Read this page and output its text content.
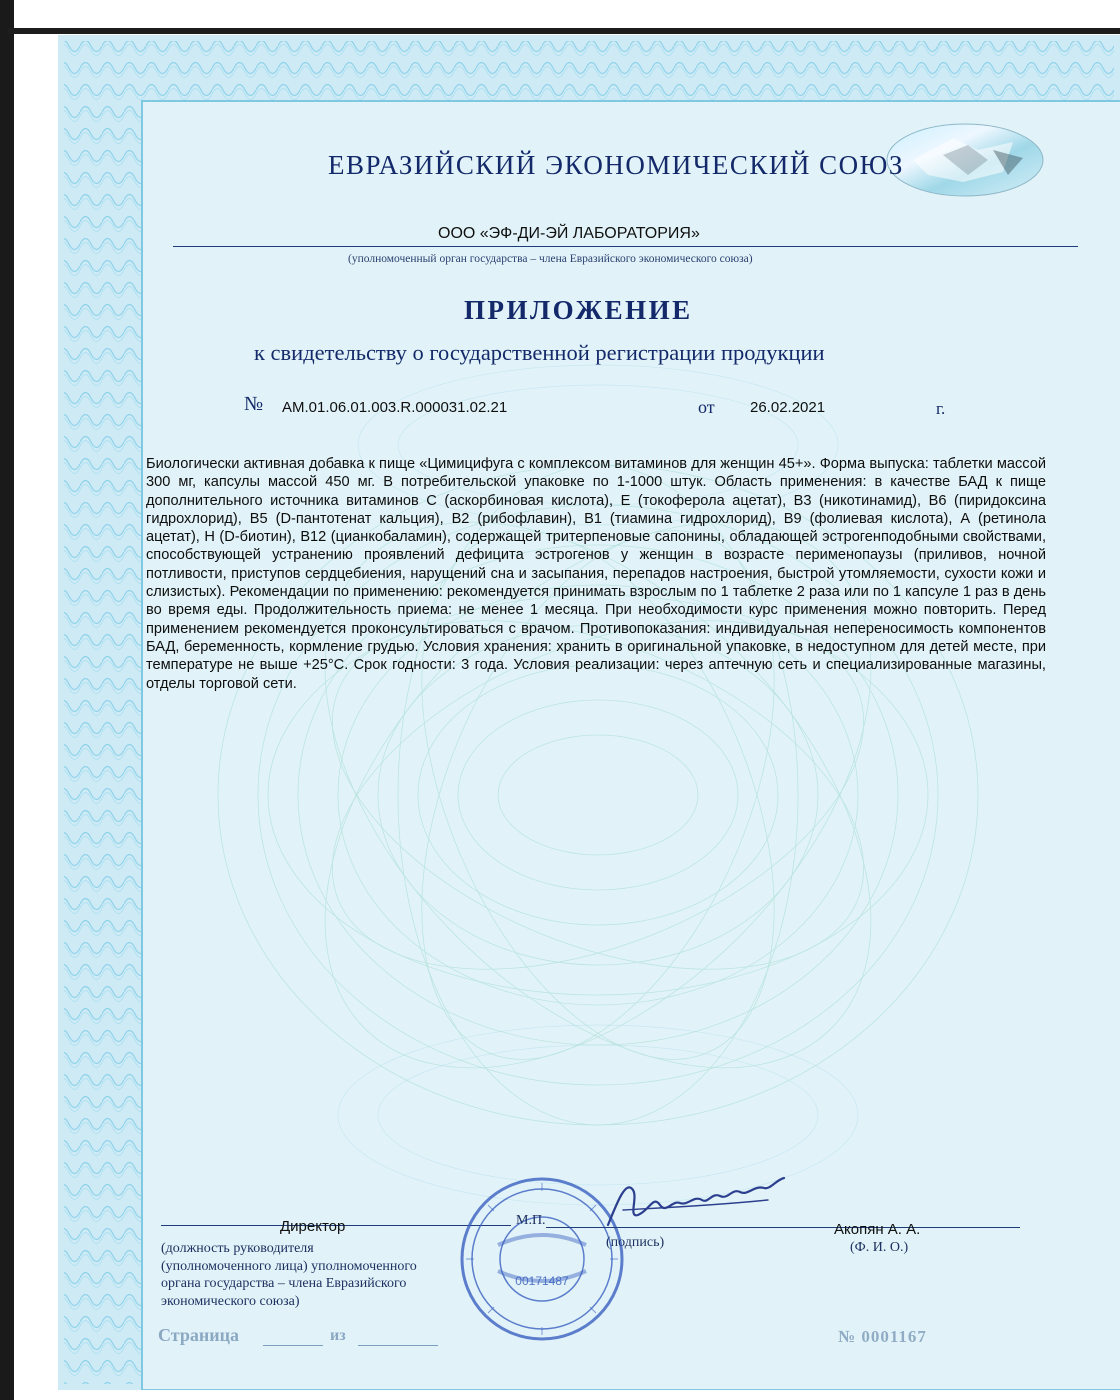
ЕВРАЗИЙСКИЙ ЭКОНОМИЧЕСКИЙ СОЮЗ
ООО «ЭФ-ДИ-ЭЙ ЛАБОРАТОРИЯ»
(уполномоченный орган государства – члена Евразийского экономического союза)
ПРИЛОЖЕНИЕ
к свидетельству о государственной регистрации продукции
№ AM.01.06.01.003.R.000031.02.21	от 26.02.2021	г.
Биологически активная добавка к пище «Цимицифуга с комплексом витаминов для женщин 45+». Форма выпуска: таблетки массой 300 мг, капсулы массой 450 мг. В потребительской упаковке по 1-1000 штук. Область применения: в качестве БАД к пище дополнительного источника витаминов С (аскорбиновая кислота), Е (токоферола ацетат), В3 (никотинамид), В6 (пиридоксина гидрохлорид), В5 (D-пантотенат кальция), В2 (рибофлавин), В1 (тиамина гидрохлорид), В9 (фолиевая кислота), А (ретинола ацетат), Н (D-биотин), В12 (цианкобаламин), содержащей тритерпеновые сапонины, обладающей эстрогенподобными свойствами, способствующей устранению проявлений дефицита эстрогенов у женщин в возрасте перименопаузы (приливов, ночной потливости, приступов сердцебиения, нарущений сна и засыпания, перепадов настроения, быстрой утомляемости, сухости кожи и слизистых). Рекомендации по применению: рекомендуется принимать взрослым по 1 таблетке 2 раза или по 1 капсуле 1 раз в день во время еды. Продолжительность приема: не менее 1 месяца. При необходимости курс применения можно повторить. Перед применением рекомендуется проконсультироваться с врачом. Противопоказания: индивидуальная непереносимость компонентов БАД, беременность, кормление грудью. Условия хранения: хранить в оригинальной упаковке, в недоступном для детей месте, при температуре не выше +25°С. Срок годности: 3 года. Условия реализации: через аптечную сеть и специализированные магазины, отделы торговой сети.
Директор
(должность руководителя
(уполномоченного лица) уполномоченного
органа государства – члена Евразийского
экономического союза)
00171487
М.П.
(подпись)
Акопян А. А.
(Ф. И. О.)
Страница	из	№ 0001167
